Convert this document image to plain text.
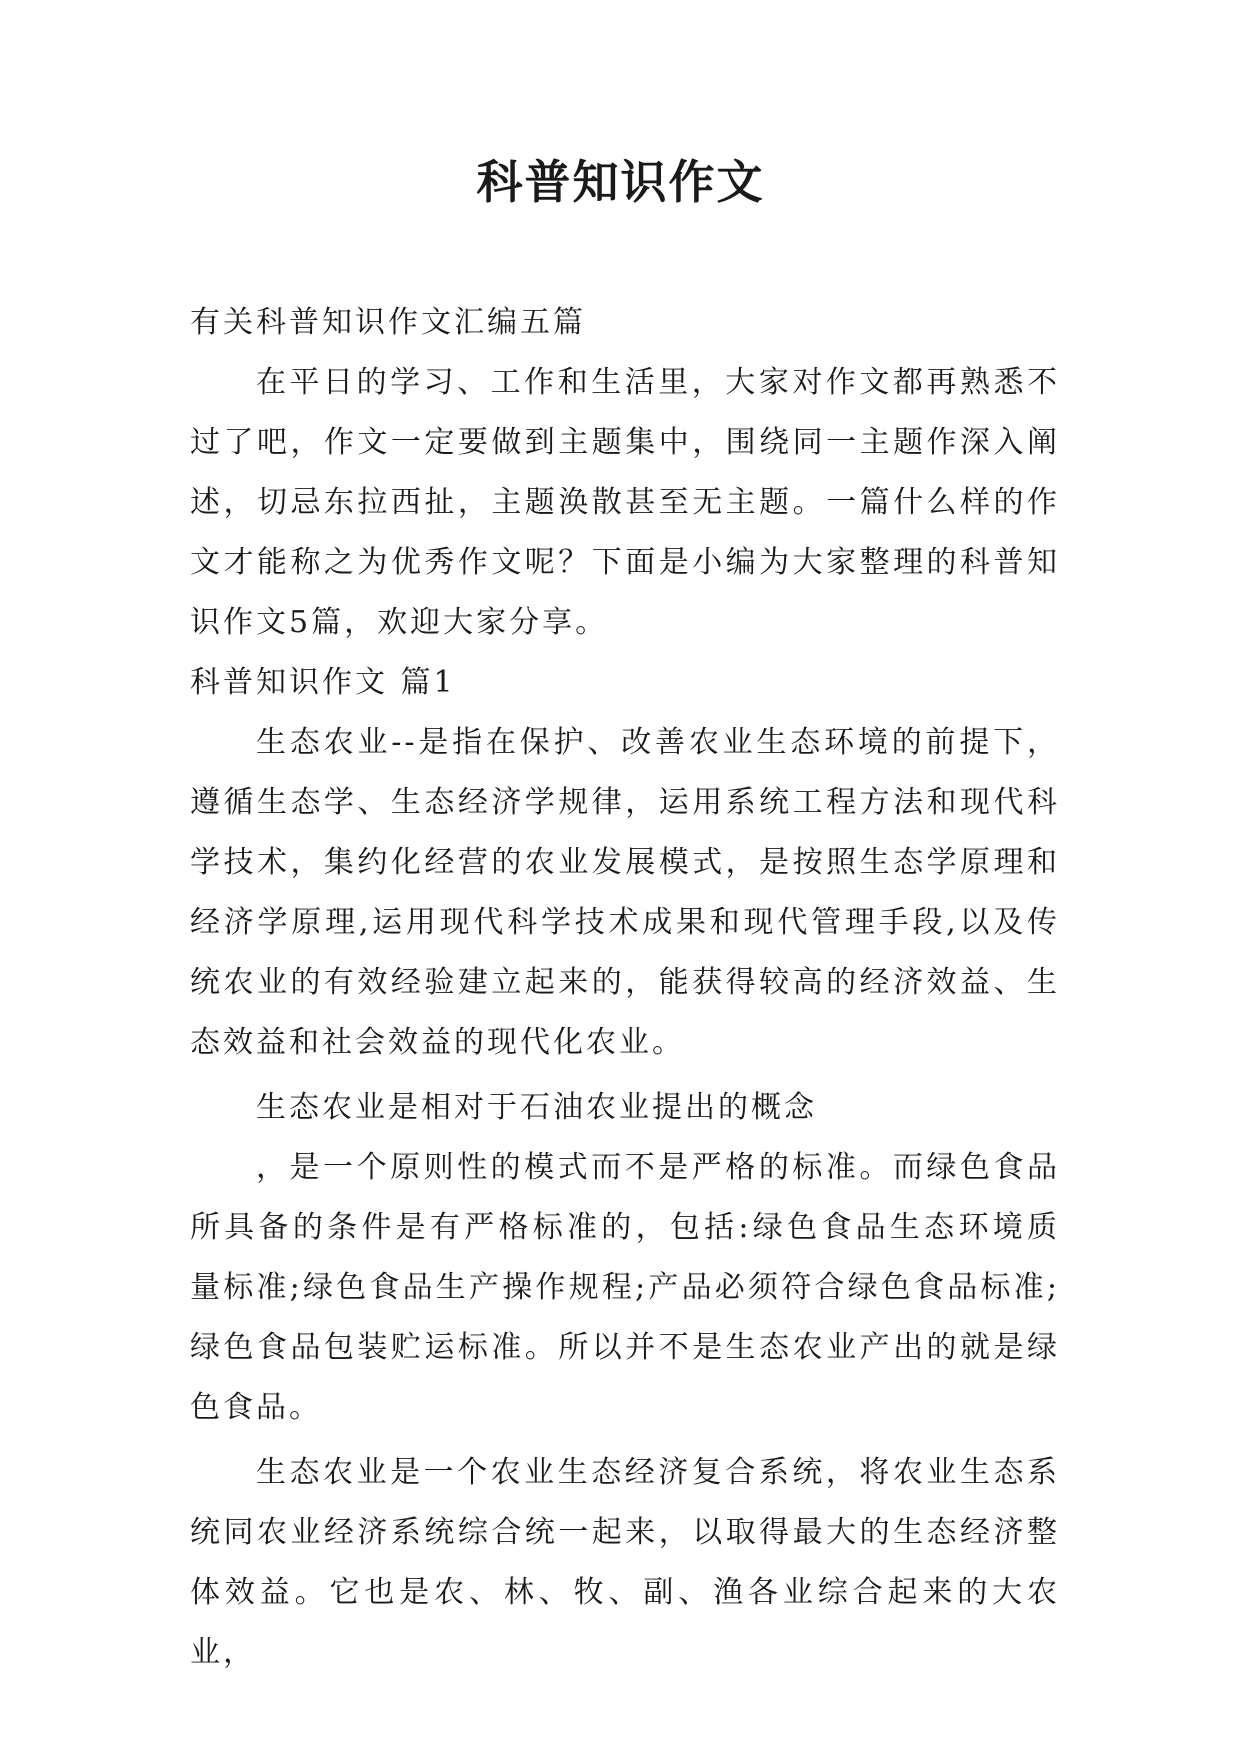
科普知识作文

有关科普知识作文汇编五篇

在平日的学习、工作和生活里，大家对作文都再熟悉不过了吧，作文一定要做到主题集中，围绕同一主题作深入阐述，切忌东拉西扯，主题涣散甚至无主题。一篇什么样的作文才能称之为优秀作文呢？下面是小编为大家整理的科普知识作文5篇，欢迎大家分享。

科普知识作文 篇1

生态农业--是指在保护、改善农业生态环境的前提下，遵循生态学、生态经济学规律，运用系统工程方法和现代科学技术，集约化经营的农业发展模式，是按照生态学原理和经济学原理,运用现代科学技术成果和现代管理手段,以及传统农业的有效经验建立起来的，能获得较高的经济效益、生态效益和社会效益的现代化农业。

生态农业是相对于石油农业提出的概念

，是一个原则性的模式而不是严格的标准。而绿色食品所具备的条件是有严格标准的，包括:绿色食品生态环境质量标准;绿色食品生产操作规程;产品必须符合绿色食品标准;绿色食品包装贮运标准。所以并不是生态农业产出的就是绿色食品。

生态农业是一个农业生态经济复合系统，将农业生态系统同农业经济系统综合统一起来，以取得最大的生态经济整体效益。它也是农、林、牧、副、渔各业综合起来的大农业，
